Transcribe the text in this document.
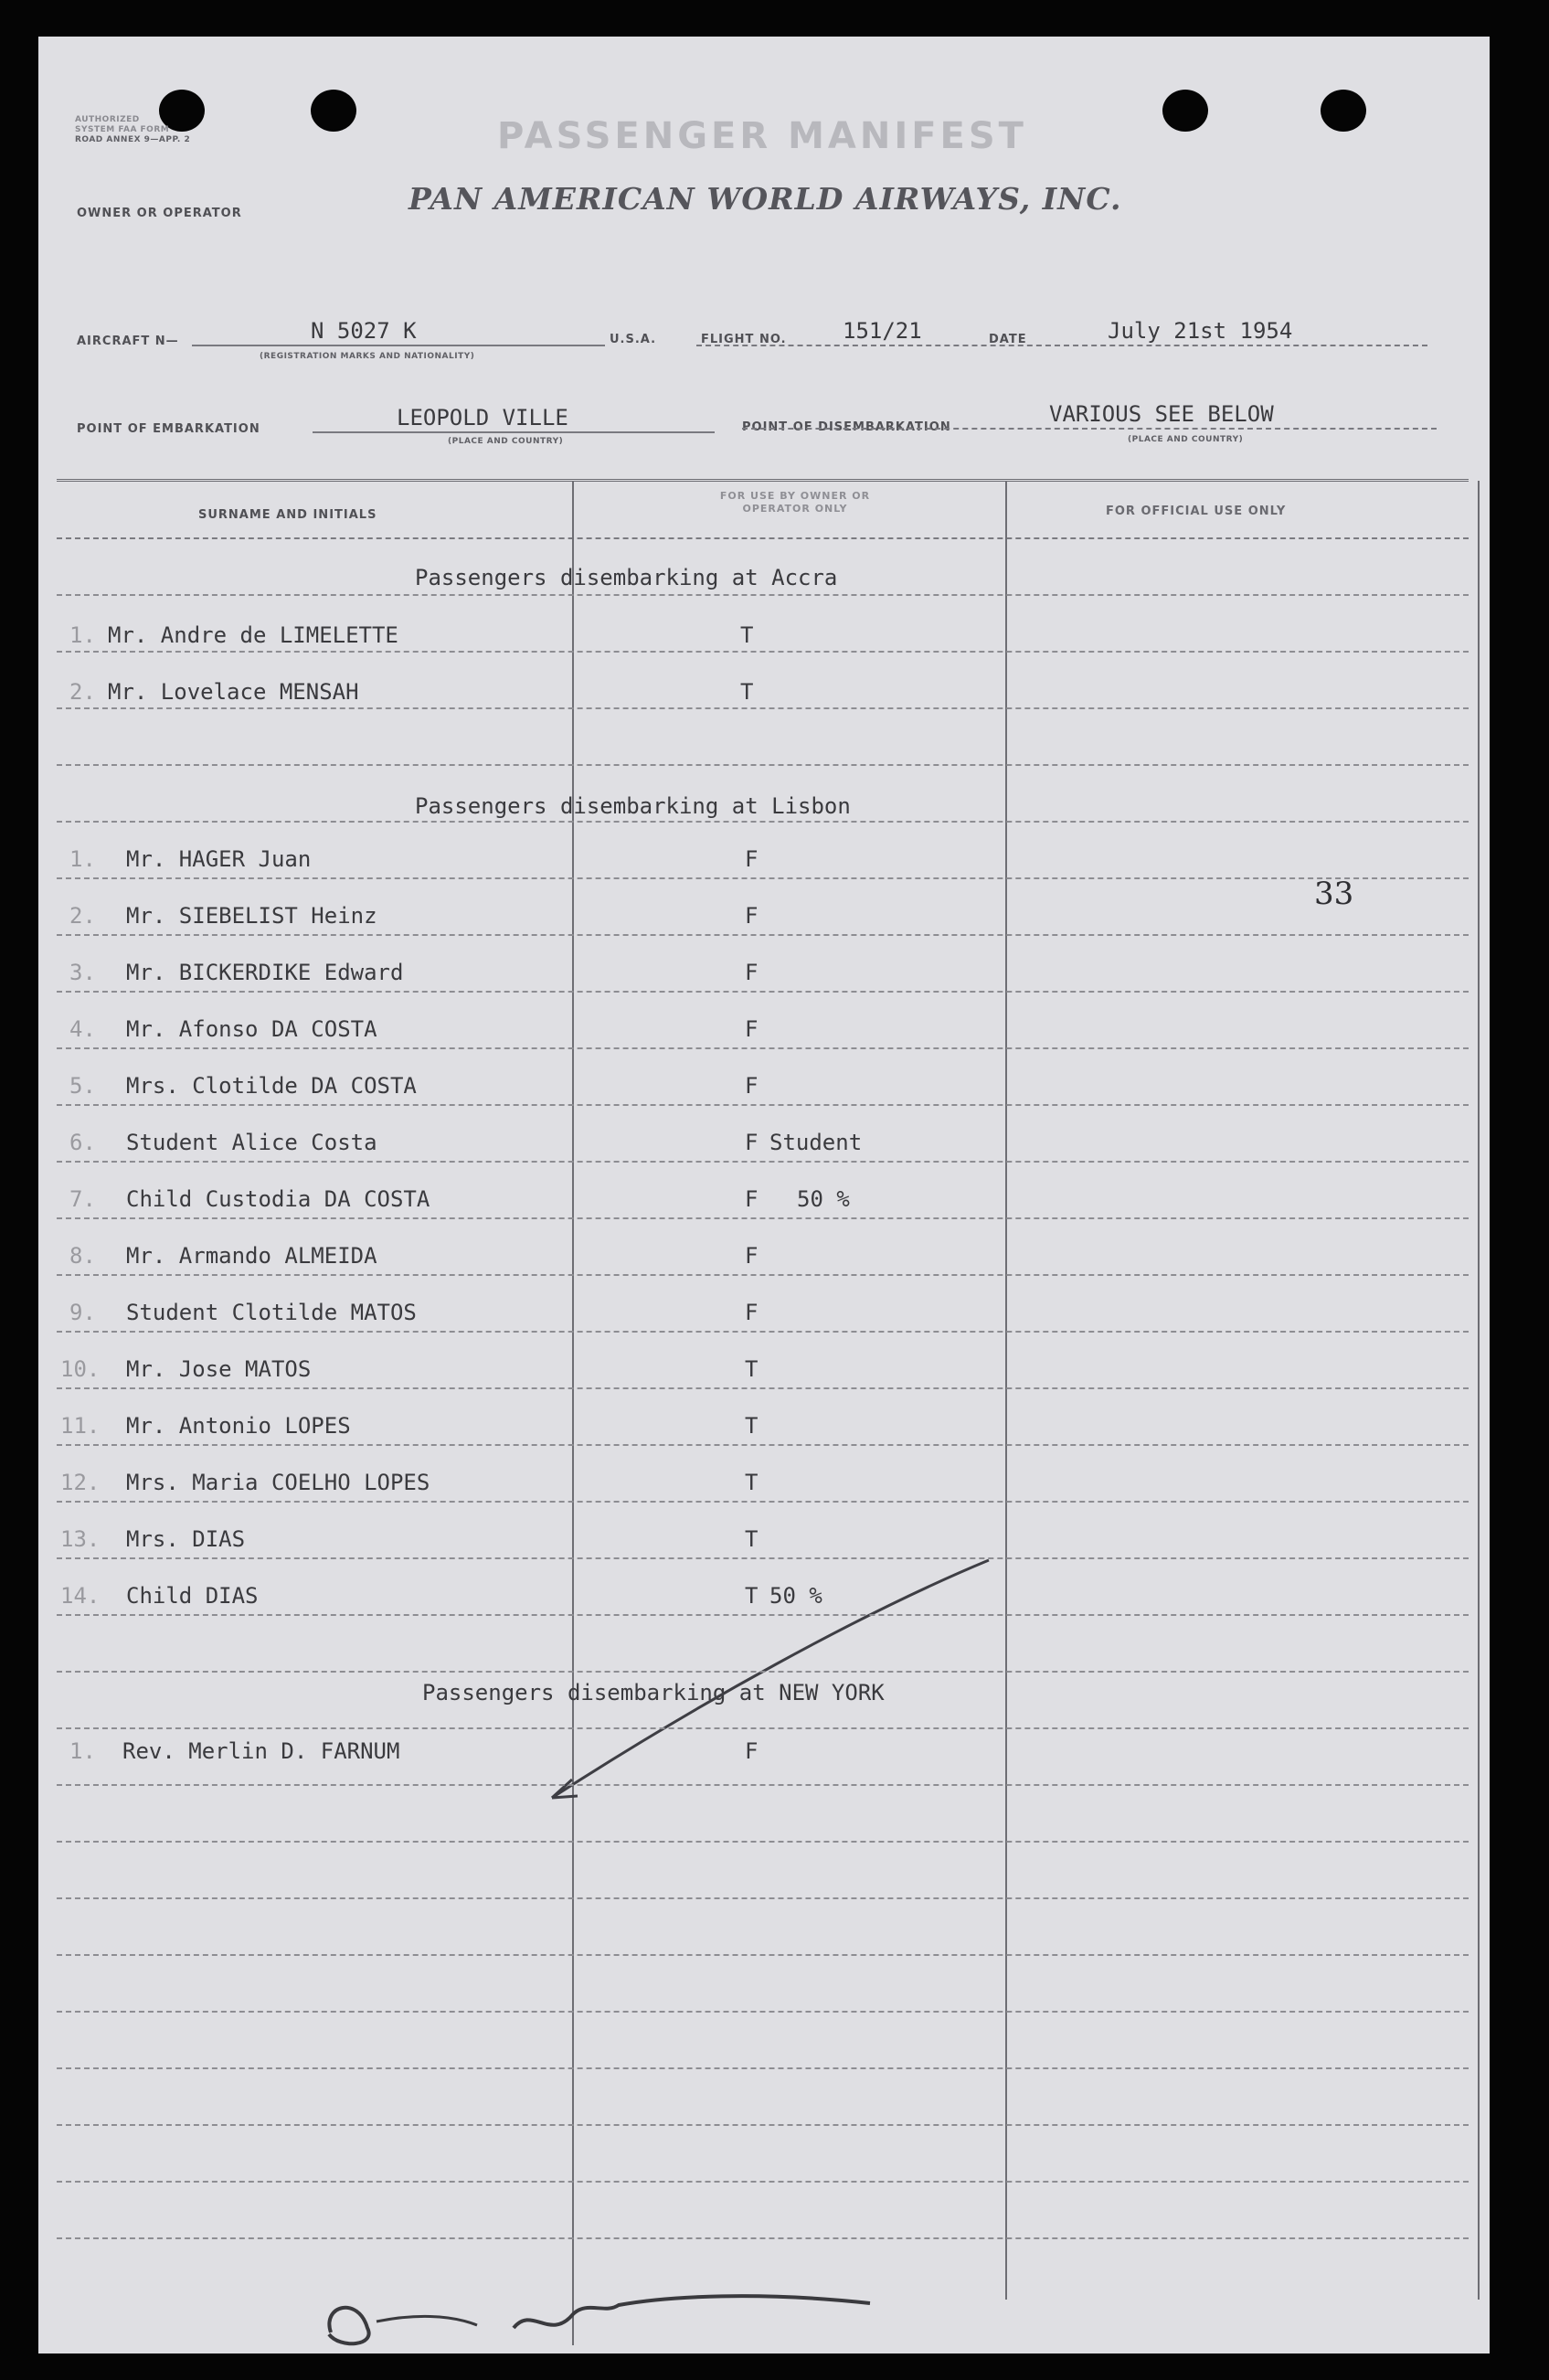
AUTHORIZED
SYSTEM FAA FORM
ROAD ANNEX 9—APP. 2	PASSENGER MANIFEST
OWNER OR OPERATOR	PAN AMERICAN WORLD AIRWAYS, INC.
AIRCRAFT N—	N 5027 K
(REGISTRATION MARKS AND NATIONALITY)
U.S.A.	FLIGHT NO.	151/21	DATE	July 21st 1954
POINT OF EMBARKATION	LEOPOLD VILLE
(PLACE AND COUNTRY)
POINT OF DISEMBARKATION
VARIOUS SEE BELOW
(PLACE AND COUNTRY)
SURNAME AND INITIALS
FOR USE BY OWNER OR OPERATOR ONLY	FOR OFFICIAL USE ONLY
Passengers disembarking at Accra
Passengers disembarking at Lisbon
Passengers disembarking at NEW YORK
1. Mr. Andre de LIMELETTE	T
2. Mr. Lovelace MENSAH	T
1. Mr. HAGER Juan	F
2. Mr. SIEBELIST Heinz	F
3. Mr. BICKERDIKE Edward	F
4. Mr. Afonso DA COSTA	F
5. Mrs. Clotilde DA COSTA	F
6. Student Alice Costa	F Student
7. Child Custodia DA COSTA	F 50 %
8. Mr. Armando ALMEIDA	F
9. Student Clotilde MATOS	F
10. Mr. Jose MATOS	T
11. Mr. Antonio LOPES	T
12. Mrs. Maria COELHO LOPES	T
13. Mrs. DIAS	T
14. Child DIAS	T 50 %
1. Rev. Merlin D. FARNUM	F
33
